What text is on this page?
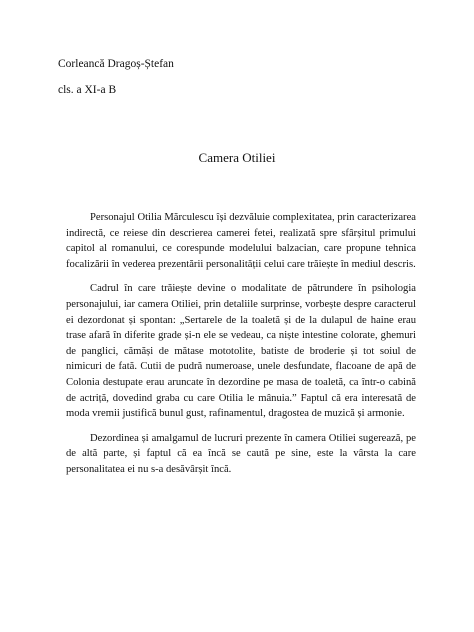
Corleancă Dragoș-Ștefan
cls. a XI-a B
Camera Otiliei

Personajul Otilia Mărculescu își dezvăluie complexitatea, prin caracterizarea indirectă, ce reiese din descrierea camerei fetei, realizată spre sfârșitul primului capitol al romanului, ce corespunde modelului balzacian, care propune tehnica focalizării în vederea prezentării personalității celui care trăiește în mediul descris.

Cadrul în care trăiește devine o modalitate de pătrundere în psihologia personajului, iar camera Otiliei, prin detaliile surprinse, vorbește despre caracterul ei dezordonat și spontan: „Sertarele de la toaletă și de la dulapul de haine erau trase afară în diferite grade și-n ele se vedeau, ca niște intestine colorate, ghemuri de panglici, cămăși de mătase mototolite, batiste de broderie și tot soiul de nimicuri de fată. Cutii de pudră numeroase, unele desfundate, flacoane de apă de Colonia destupate erau aruncate în dezordine pe masa de toaletă, ca într-o cabină de actriță, dovedind graba cu care Otilia le mânuia.” Faptul că era interesată de moda vremii justifică bunul gust, rafinamentul, dragostea de muzică și armonie.

Dezordinea și amalgamul de lucruri prezente în camera Otiliei sugerează, pe de altă parte, și faptul că ea încă se caută pe sine, este la vârsta la care personalitatea ei nu s-a desăvârșit încă.
